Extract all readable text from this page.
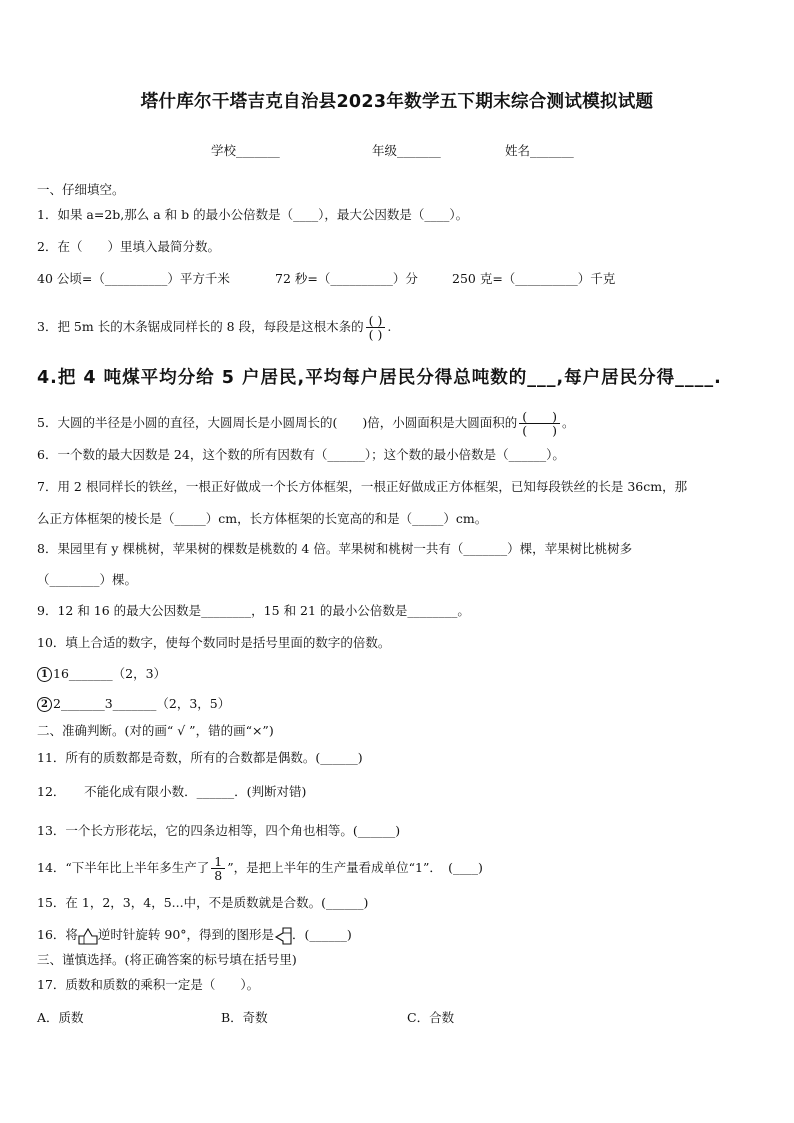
塔什库尔干塔吉克自治县2023年数学五下期末综合测试模拟试题
学校_______	年级_______	姓名_______
一、仔细填空。
1．如果 a=2b,那么 a 和 b 的最小公倍数是（____），最大公因数是（____）。
2．在（　　）里填入最简分数。
40 公顷=（__________）平方千米	72 秒=（__________）分	250 克=（__________）千克
3．把 5m 长的木条锯成同样长的 8 段，每段是这根木条的 $\frac{( )}{( )}$ .
4.把 4 吨煤平均分给 5 户居民,平均每户居民分得总吨数的___,每户居民分得____.
5．大圆的半径是小圆的直径，大圆周长是小圆周长的(　　)倍，小圆面积是大圆面积的 $\frac{( )}{( )}$ 。
6．一个数的最大因数是 24，这个数的所有因数有（______）；这个数的最小倍数是（______）。
7．用 2 根同样长的铁丝，一根正好做成一个长方体框架，一根正好做成正方体框架，已知每段铁丝的长是 36cm，那
么正方体框架的棱长是（_____）cm，长方体框架的长宽高的和是（_____）cm。
8．果园里有 y 棵桃树，苹果树的棵数是桃数的 4 倍。苹果树和桃树一共有（_______）棵，苹果树比桃树多
（________）棵。
9．12 和 16 的最大公因数是________，15 和 21 的最小公倍数是________。
10．填上合适的数字，使每个数同时是括号里面的数字的倍数。
1 16_______（2，3）
2 2_______3_______（2，3，5）
二、准确判断。(对的画“ √ ”，错的画“×”)
11．所有的质数都是奇数，所有的合数都是偶数。(______)
12．　　不能化成有限小数．______．(判断对错)
13．一个长方形花坛，它的四条边相等，四个角也相等。(______)
14．“下半年比上半年多生产了 $\frac{1}{8}$ ”，是把上半年的生产量看成单位“1”．　(____)
15．在 1，2，3，4，5...中，不是质数就是合数。(______)
16．将 逆时针旋转 90°，得到的图形是 ．(______)
三、谨慎选择。(将正确答案的标号填在括号里)
17．质数和质数的乘积一定是（　　）。
A．质数	B．奇数	C．合数
